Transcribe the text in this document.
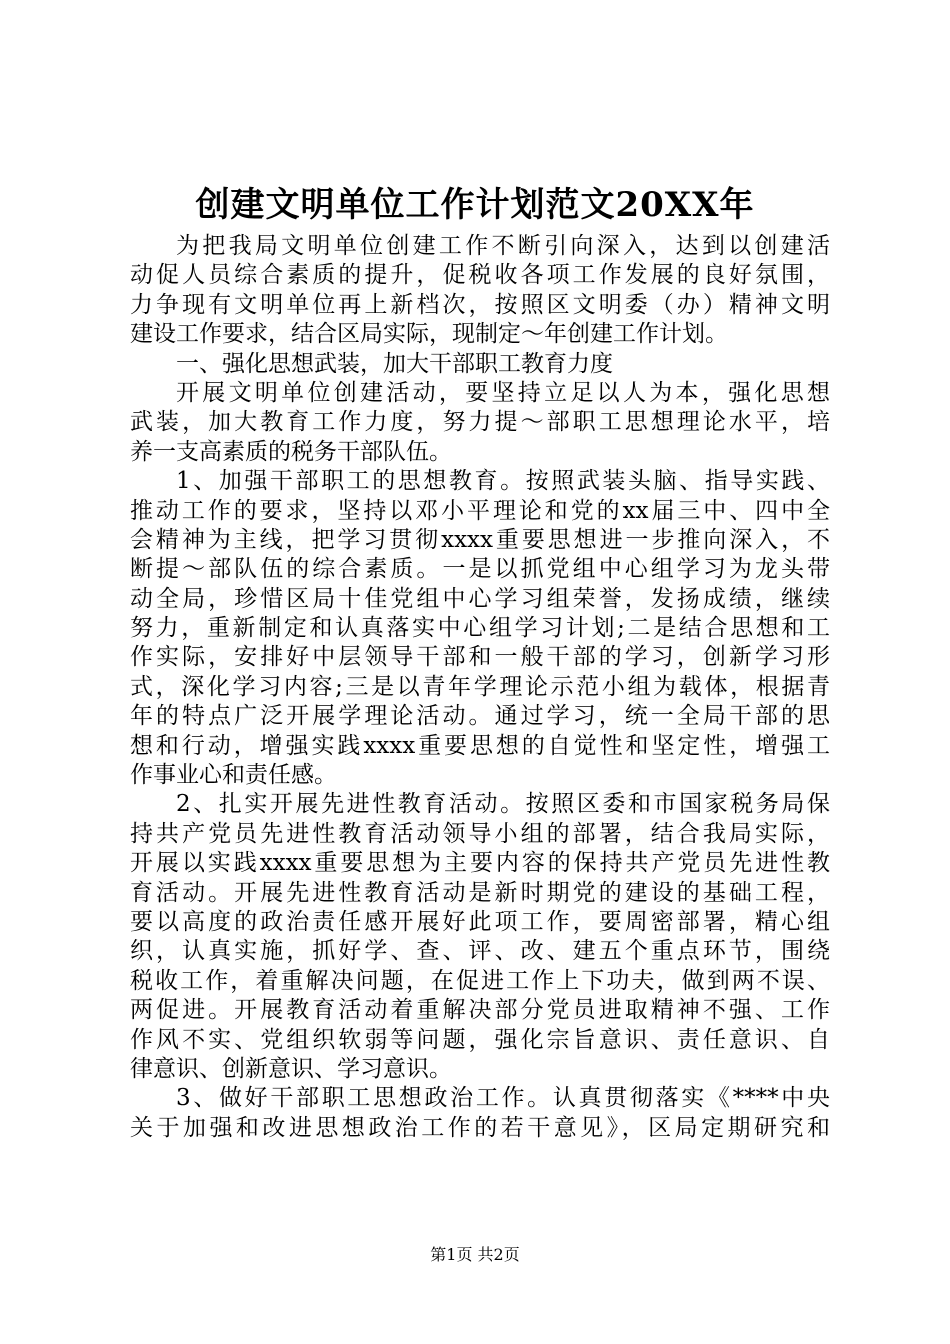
创建文明单位工作计划范文20XX年
为把我局文明单位创建工作不断引向深入，达到以创建活
动促人员综合素质的提升，促税收各项工作发展的良好氛围，
力争现有文明单位再上新档次，按照区文明委（办）精神文明
建设工作要求，结合区局实际，现制定～年创建工作计划。
一、强化思想武装，加大干部职工教育力度
开展文明单位创建活动，要坚持立足以人为本，强化思想
武装，加大教育工作力度，努力提～部职工思想理论水平，培
养一支高素质的税务干部队伍。
1、加强干部职工的思想教育。按照武装头脑、指导实践、
推动工作的要求，坚持以邓小平理论和党的xx届三中、四中全
会精神为主线，把学习贯彻xxxx重要思想进一步推向深入，不
断提～部队伍的综合素质。一是以抓党组中心组学习为龙头带
动全局，珍惜区局十佳党组中心学习组荣誉，发扬成绩，继续
努力，重新制定和认真落实中心组学习计划;二是结合思想和工
作实际，安排好中层领导干部和一般干部的学习，创新学习形
式，深化学习内容;三是以青年学理论示范小组为载体，根据青
年的特点广泛开展学理论活动。通过学习，统一全局干部的思
想和行动，增强实践xxxx重要思想的自觉性和坚定性，增强工
作事业心和责任感。
2、扎实开展先进性教育活动。按照区委和市国家税务局保
持共产党员先进性教育活动领导小组的部署，结合我局实际，
开展以实践xxxx重要思想为主要内容的保持共产党员先进性教
育活动。开展先进性教育活动是新时期党的建设的基础工程，
要以高度的政治责任感开展好此项工作，要周密部署，精心组
织，认真实施，抓好学、查、评、改、建五个重点环节，围绕
税收工作，着重解决问题，在促进工作上下功夫，做到两不误、
两促进。开展教育活动着重解决部分党员进取精神不强、工作
作风不实、党组织软弱等问题，强化宗旨意识、责任意识、自
律意识、创新意识、学习意识。
3、做好干部职工思想政治工作。认真贯彻落实《****中央
关于加强和改进思想政治工作的若干意见》，区局定期研究和
第1页 共2页
